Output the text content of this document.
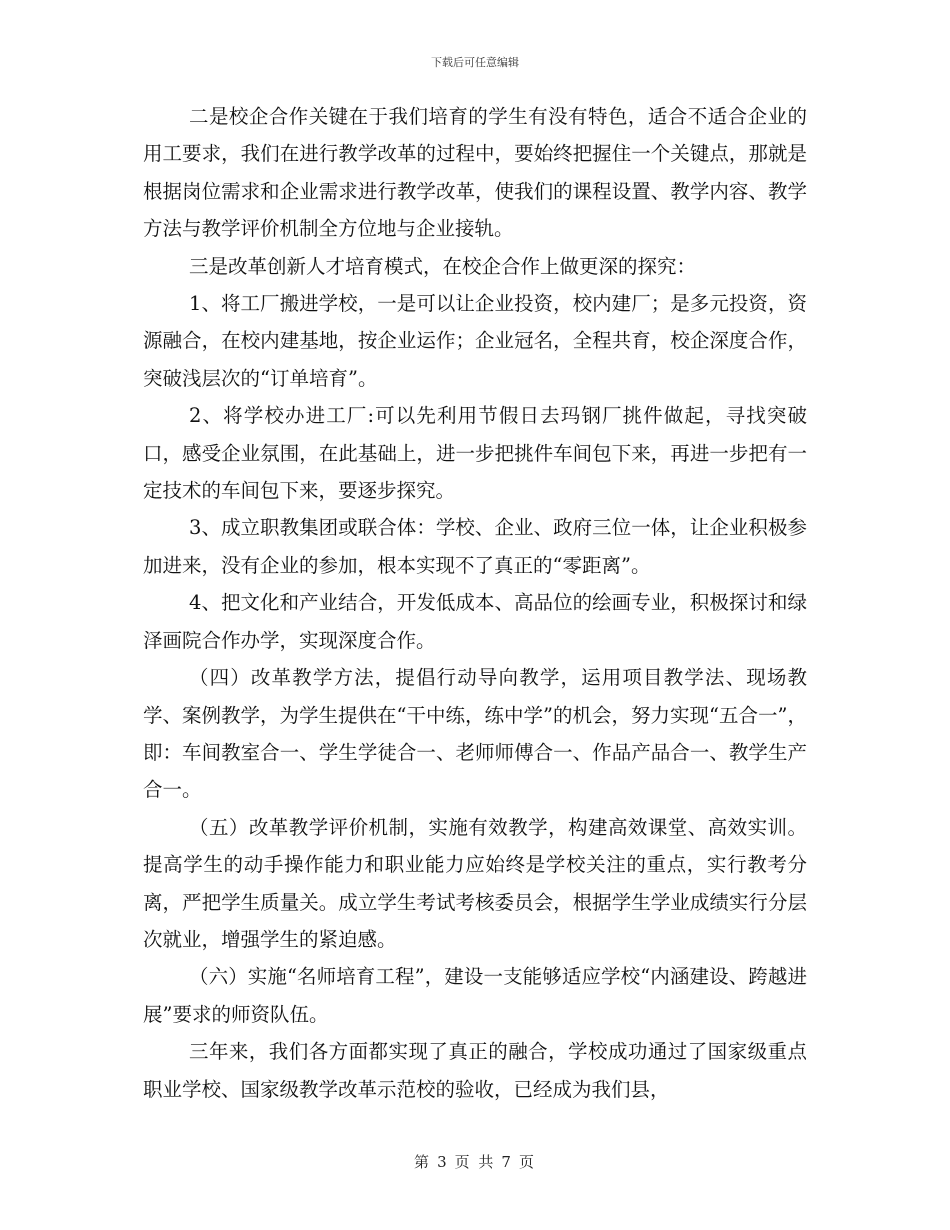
下载后可任意编辑

二是校企合作关键在于我们培育的学生有没有特色，适合不适合企业的用工要求，我们在进行教学改革的过程中，要始终把握住一个关键点，那就是根据岗位需求和企业需求进行教学改革，使我们的课程设置、教学内容、教学方法与教学评价机制全方位地与企业接轨。

三是改革创新人才培育模式，在校企合作上做更深的探究：

1、将工厂搬进学校，一是可以让企业投资，校内建厂；是多元投资，资源融合，在校内建基地，按企业运作；企业冠名，全程共育，校企深度合作，突破浅层次的“订单培育”。

2、将学校办进工厂:可以先利用节假日去玛钢厂挑件做起，寻找突破口，感受企业氛围，在此基础上，进一步把挑件车间包下来，再进一步把有一定技术的车间包下来，要逐步探究。

3、成立职教集团或联合体：学校、企业、政府三位一体，让企业积极参加进来，没有企业的参加，根本实现不了真正的“零距离”。

4、把文化和产业结合，开发低成本、高品位的绘画专业，积极探讨和绿泽画院合作办学，实现深度合作。

（四）改革教学方法，提倡行动导向教学，运用项目教学法、现场教学、案例教学，为学生提供在“干中练，练中学”的机会，努力实现“五合一”，即：车间教室合一、学生学徒合一、老师师傅合一、作品产品合一、教学生产合一。

（五）改革教学评价机制，实施有效教学，构建高效课堂、高效实训。提高学生的动手操作能力和职业能力应始终是学校关注的重点，实行教考分离，严把学生质量关。成立学生考试考核委员会，根据学生学业成绩实行分层次就业，增强学生的紧迫感。

（六）实施“名师培育工程”，建设一支能够适应学校“内涵建设、跨越进展”要求的师资队伍。

三年来，我们各方面都实现了真正的融合，学校成功通过了国家级重点职业学校、国家级教学改革示范校的验收，已经成为我们县，

第 3 页 共 7 页
